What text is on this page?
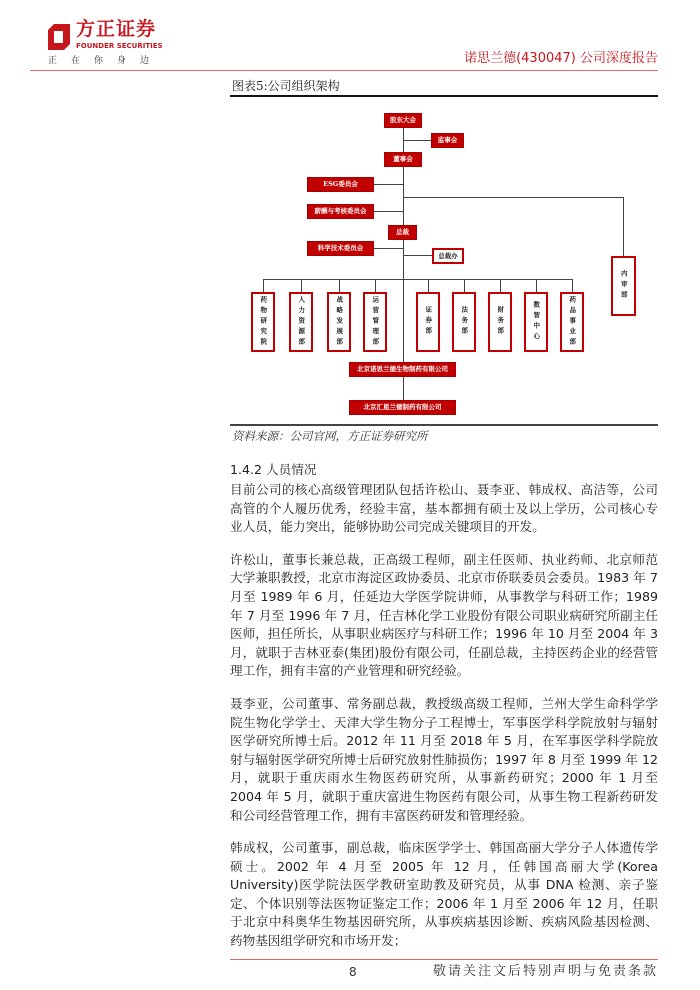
方正证券
FOUNDER SECURITIES
正在你身边	诺思兰德(430047) 公司深度报告
图表5:公司组织架构
股东大会
监事会
董事会
ESG委员会
薪酬与考核委员会
总裁
科学技术委员会
总裁办
内审部
药物研究院	人力资源部	战略发展部	运营管理部	证券部	法务部	财务部	数智中心	药品事业部
北京诺思兰德生物制药有限公司
北京汇恩兰德制药有限公司
资料来源：公司官网，方正证券研究所
1.4.2 人员情况

目前公司的核心高级管理团队包括许松山、聂李亚、韩成权、高洁等，公司高管的个人履历优秀，经验丰富，基本都拥有硕士及以上学历，公司核心专业人员，能力突出，能够协助公司完成关键项目的开发。

许松山，董事长兼总裁，正高级工程师，副主任医师、执业药师、北京师范大学兼职教授，北京市海淀区政协委员、北京市侨联委员会委员。1983 年 7 月至 1989 年 6 月，任延边大学医学院讲师，从事教学与科研工作；1989 年 7 月至 1996 年 7 月，任吉林化学工业股份有限公司职业病研究所副主任医师，担任所长，从事职业病医疗与科研工作；1996 年 10 月至 2004 年 3 月，就职于吉林亚泰(集团)股份有限公司，任副总裁，主持医药企业的经营管理工作，拥有丰富的产业管理和研究经验。

聂李亚，公司董事、常务副总裁，教授级高级工程师，兰州大学生命科学学院生物化学学士、天津大学生物分子工程博士，军事医学科学院放射与辐射医学研究所博士后。2012 年 11 月至 2018 年 5 月，在军事医学科学院放射与辐射医学研究所博士后研究放射性肺损伤；1997 年 8 月至 1999 年 12 月，就职于重庆雨水生物医药研究所，从事新药研究；2000 年 1 月至 2004 年 5 月，就职于重庆富进生物医药有限公司，从事生物工程新药研发和公司经营管理工作，拥有丰富医药研发和管理经验。

韩成权，公司董事，副总裁，临床医学学士、韩国高丽大学分子人体遗传学硕士。2002 年 4 月至 2005 年 12 月，任韩国高丽大学(Korea University)医学院法医学教研室助教及研究员，从事 DNA 检测、亲子鉴定、个体识别等法医物证鉴定工作；2006 年 1 月至 2006 年 12 月，任职于北京中科奥华生物基因研究所，从事疾病基因诊断、疾病风险基因检测、药物基因组学研究和市场开发；

8	敬请关注文后特别声明与免责条款
